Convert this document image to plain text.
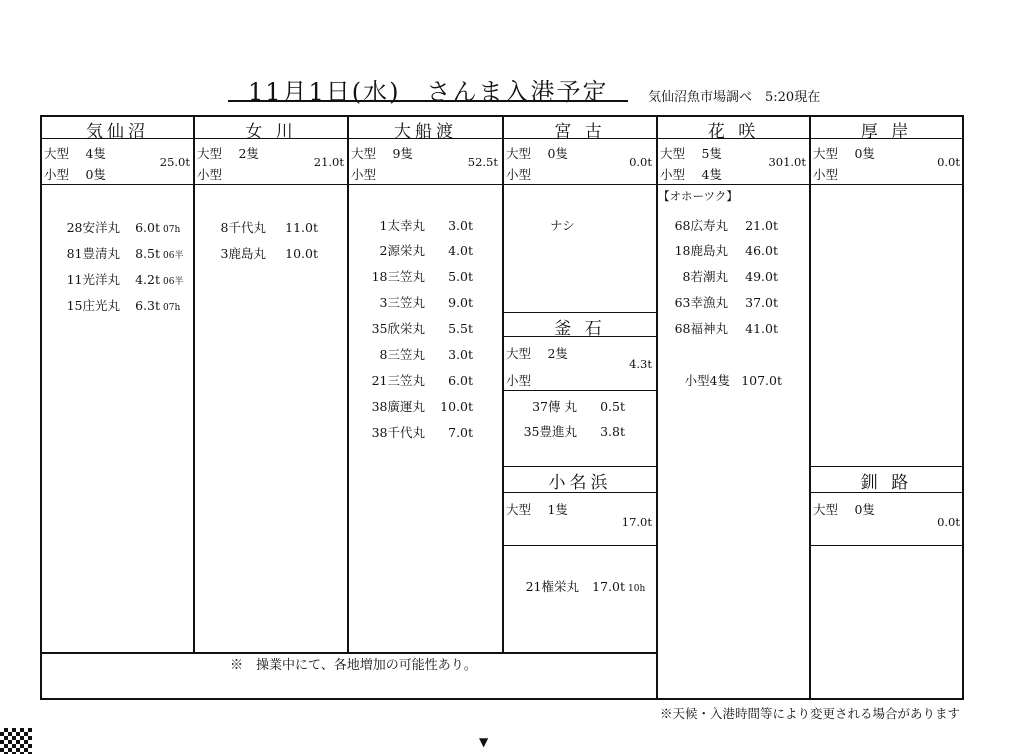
11月1日(水)　さんま入港予定	気仙沼魚市場調べ　5:20現在
気仙沼	女 川	大船渡	宮 古	花 咲	厚 岸
釜 石
小名浜	釧 路
大型　 4隻
小型　 0隻
25.0t
大型　 2隻
小型
21.0t
大型　 9隻
小型
52.5t
大型　 0隻
小型
0.0t
大型　 5隻
小型　 4隻
301.0t
大型　 0隻
小型
0.0t
28安洋丸 6.0t 07h
81豊清丸 8.5t 06半
11光洋丸 4.2t 06半
15庄光丸 6.3t 07h
8千代丸 11.0t
3鹿島丸 10.0t
1太幸丸 3.0t
2源栄丸 4.0t
18三笠丸 5.0t
3三笠丸 9.0t
35欣栄丸 5.5t
8三笠丸 3.0t
21三笠丸 6.0t
38廣運丸 10.0t
38千代丸 7.0t
ナシ
大型　 2隻
小型
4.3t
37傳 丸 0.5t
35豊進丸 3.8t
大型　 1隻
17.0t
21権栄丸 17.0t 10h
【オホーツク】
68広寿丸 21.0t
18鹿島丸 46.0t
8若潮丸 49.0t
63幸漁丸 37.0t
68福神丸 41.0t
小型4隻 107.0t
大型　 0隻
0.0t
※　操業中にて、各地増加の可能性あり。
※天候・入港時間等により変更される場合があります
▼
